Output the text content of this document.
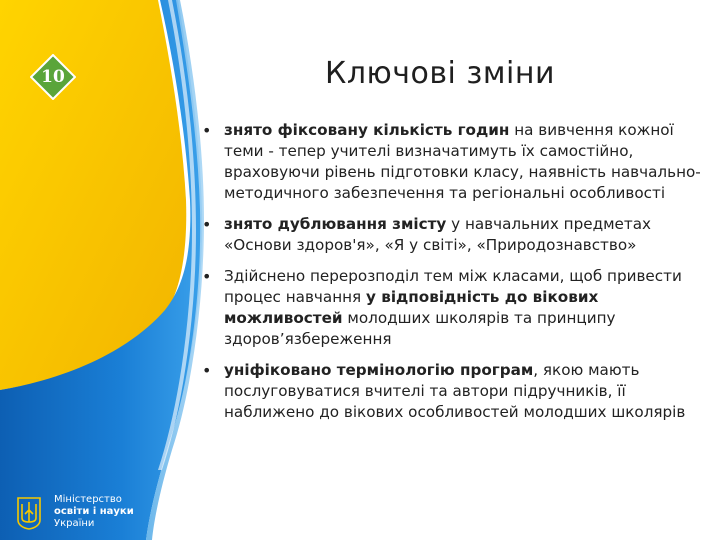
10	Ключові зміни
• знято фіксовану кількість годин на вивчення кожної теми - тепер учителі визначатимуть їх самостійно, враховуючи рівень підготовки класу, наявність навчально-методичного забезпечення та регіональні особливості
• знято дублювання змісту у навчальних предметах «Основи здоров'я», «Я у світі», «Природознавство»
• Здійснено перерозподіл тем між класами, щоб привести процес навчання у відповідність до вікових можливостей молодших школярів та принципу здоров’язбереження
• уніфіковано термінологію програм, якою мають послуговуватися вчителі та автори підручників, її наближено до вікових особливостей молодших школярів
Міністерство
освіти і науки
України
